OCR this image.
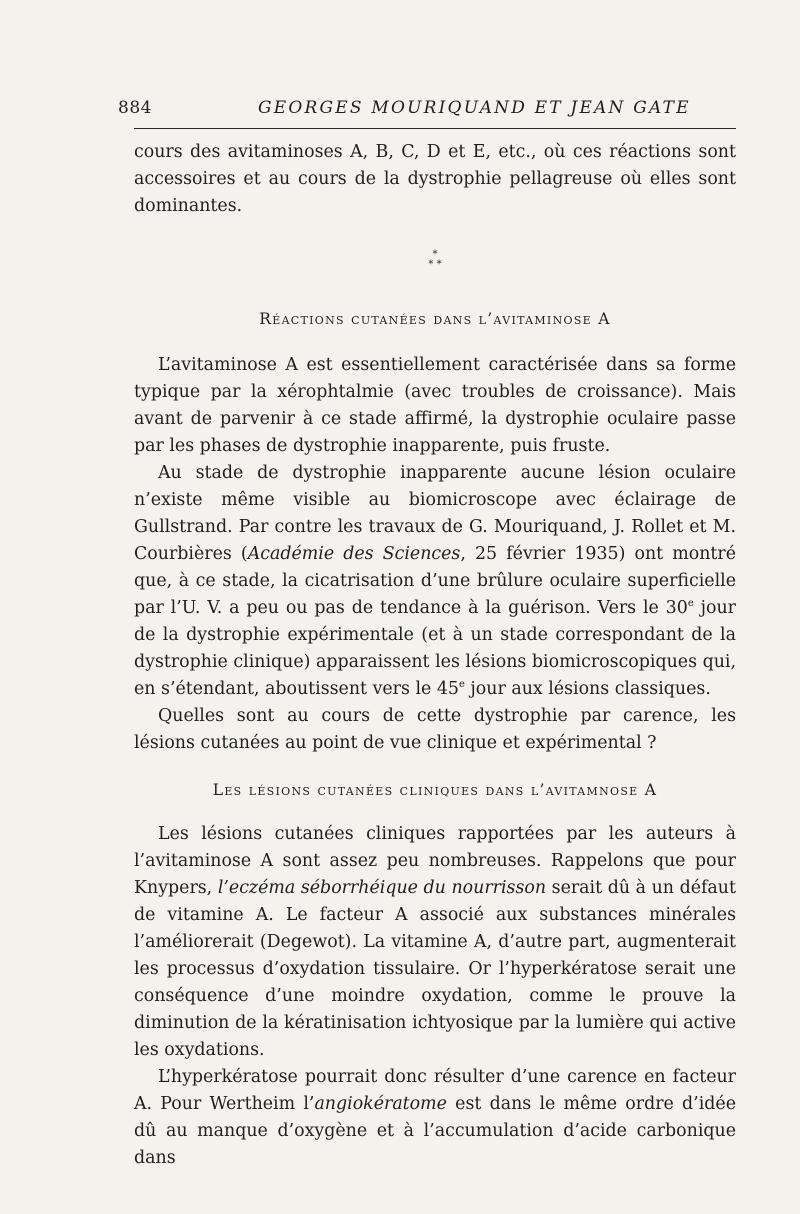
884	GEORGES MOURIQUAND ET JEAN GATE

cours des avitaminoses A, B, C, D et E, etc., où ces réactions sont accessoires et au cours de la dystrophie pellagreuse où elles sont dominantes.

*
* *
Réactions cutanées dans l’avitaminose A

L’avitaminose A est essentiellement caractérisée dans sa forme typique par la xérophtalmie (avec troubles de croissance). Mais avant de parvenir à ce stade affirmé, la dystrophie oculaire passe par les phases de dystrophie inapparente, puis fruste.

Au stade de dystrophie inapparente aucune lésion oculaire n’existe même visible au biomicroscope avec éclairage de Gullstrand. Par contre les travaux de G. Mouriquand, J. Rollet et M. Courbières (Académie des Sciences, 25 février 1935) ont montré que, à ce stade, la cicatrisation d’une brûlure oculaire superficielle par l’U. V. a peu ou pas de tendance à la guérison. Vers le 30e jour de la dystrophie expérimentale (et à un stade correspondant de la dystrophie clinique) apparaissent les lésions biomicroscopiques qui, en s’étendant, aboutissent vers le 45e jour aux lésions classiques.

Quelles sont au cours de cette dystrophie par carence, les lésions cutanées au point de vue clinique et expérimental ?

Les lésions cutanées cliniques dans l’avitamnose A

Les lésions cutanées cliniques rapportées par les auteurs à l’avitaminose A sont assez peu nombreuses. Rappelons que pour Knypers, l’eczéma séborrhéique du nourrisson serait dû à un défaut de vitamine A. Le facteur A associé aux substances minérales l’améliorerait (Degewot). La vitamine A, d’autre part, augmenterait les processus d’oxydation tissulaire. Or l’hyperkératose serait une conséquence d’une moindre oxydation, comme le prouve la diminution de la kératinisation ichtyosique par la lumière qui active les oxydations.

L’hyperkératose pourrait donc résulter d’une carence en facteur A. Pour Wertheim l’angiokératome est dans le même ordre d’idée dû au manque d’oxygène et à l’accumulation d’acide carbonique dans
